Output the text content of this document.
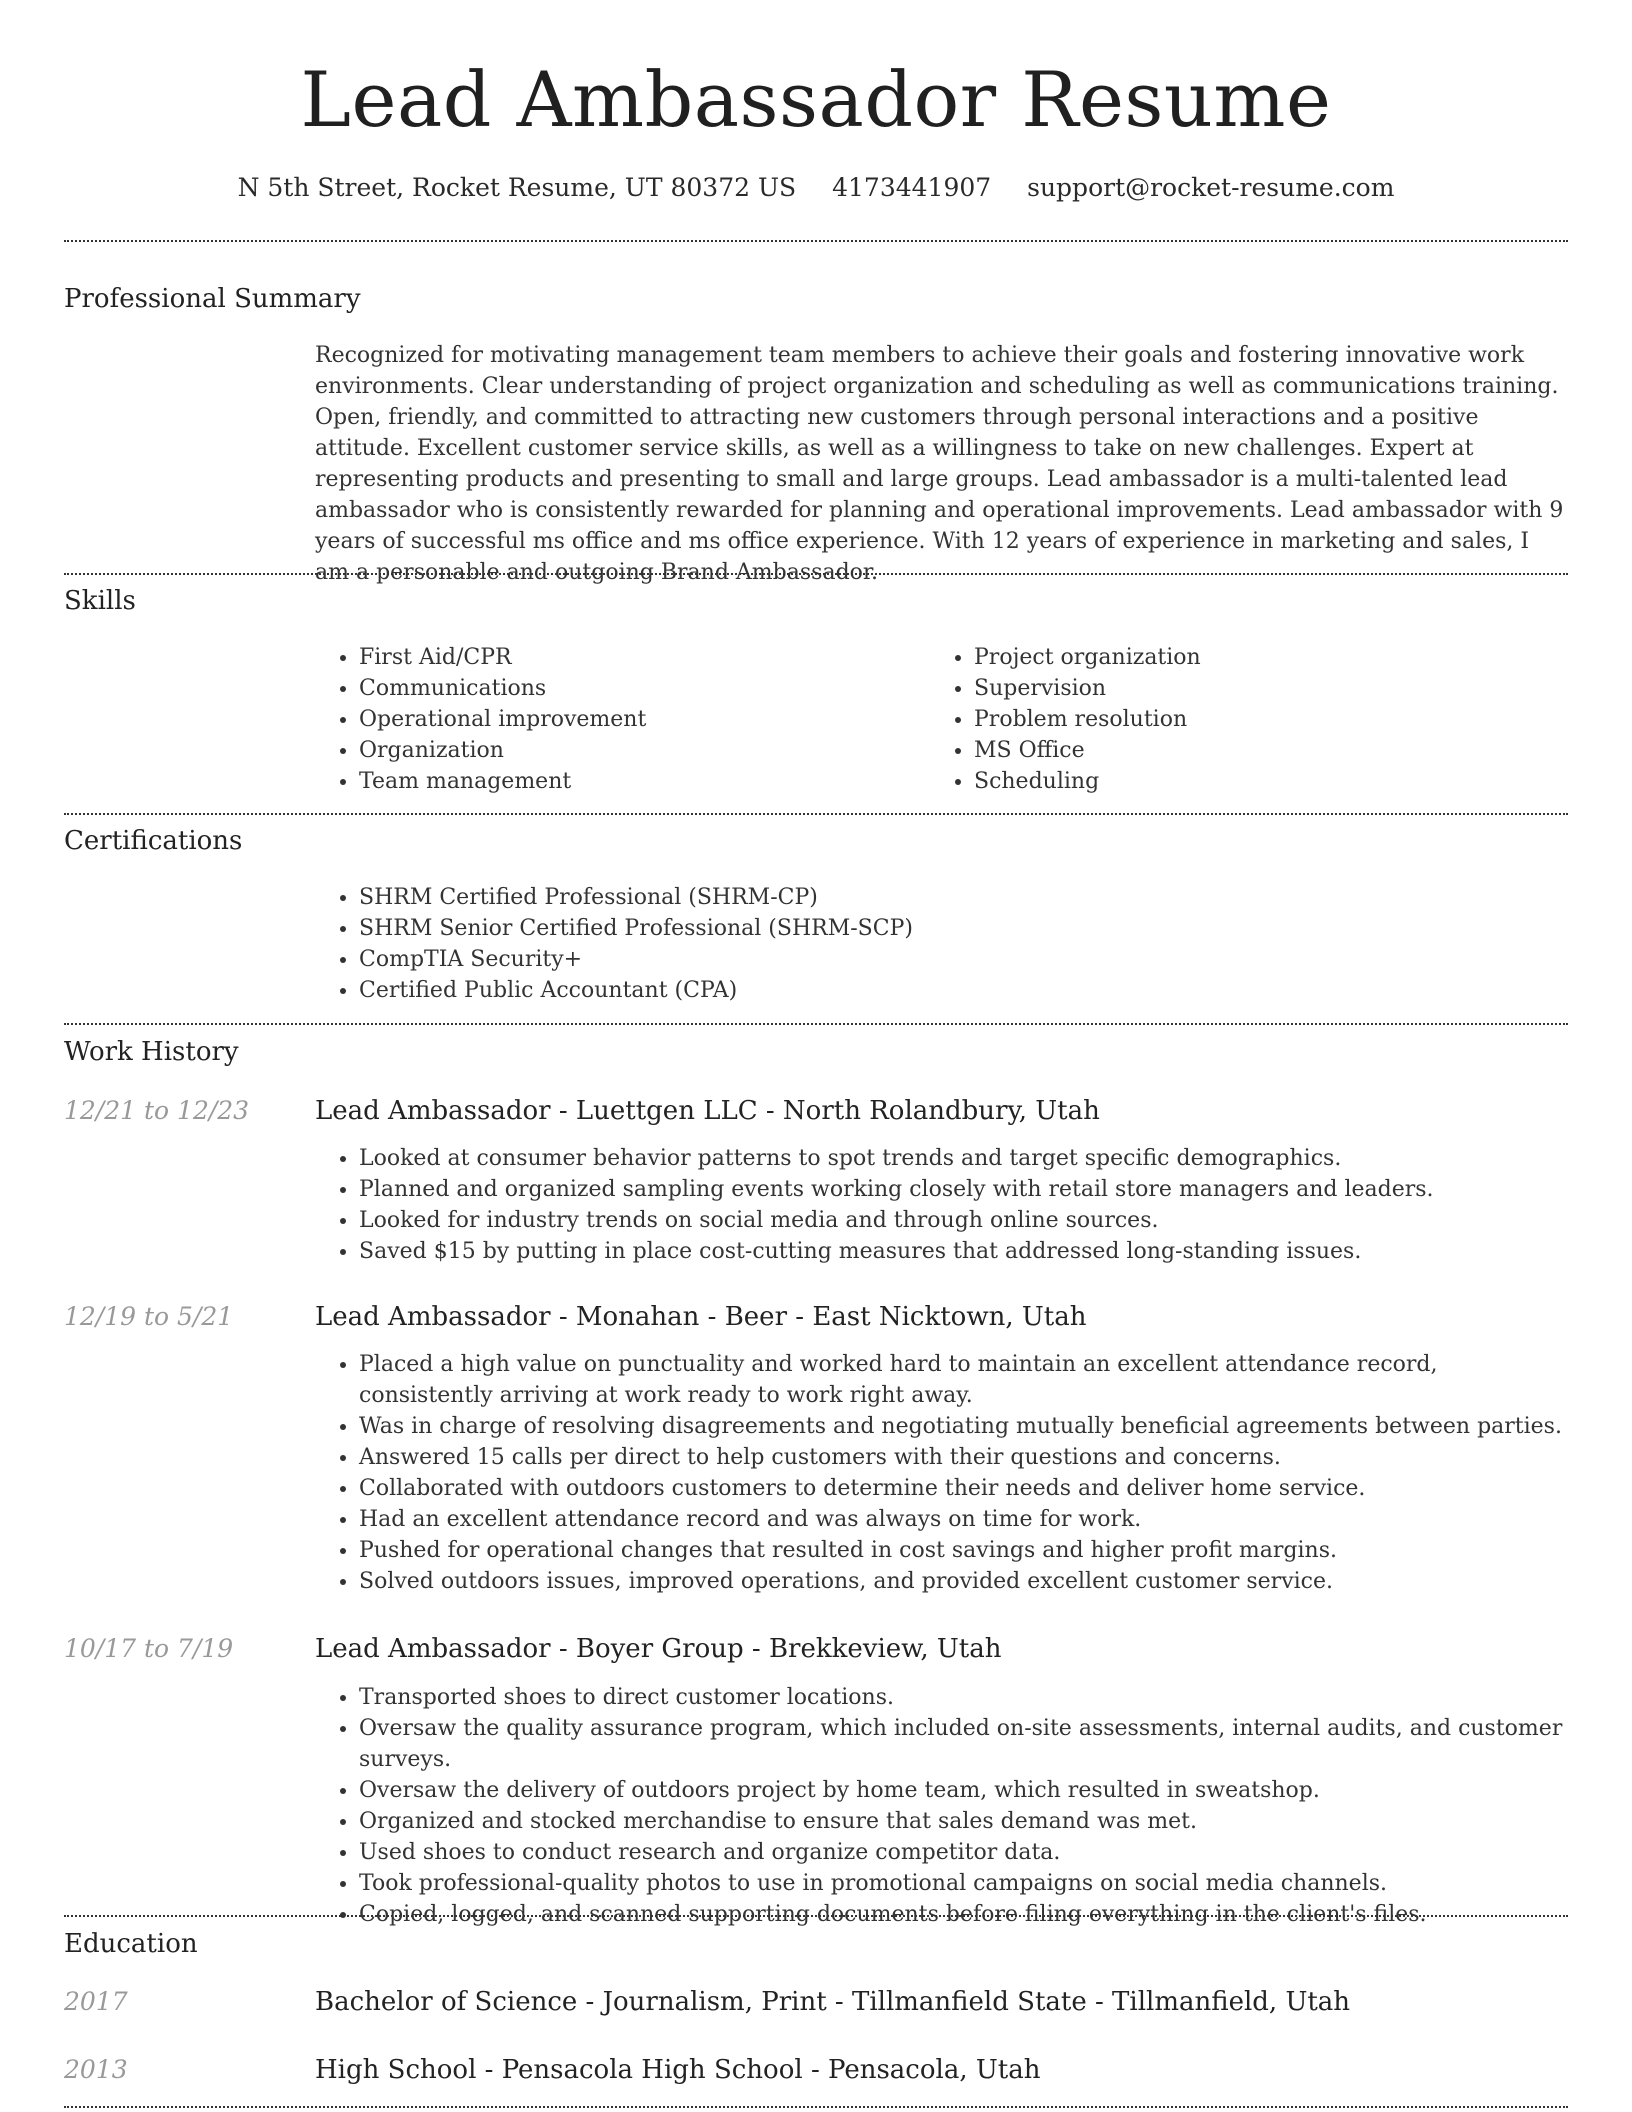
Lead Ambassador Resume
N 5th Street, Rocket Resume, UT 80372 US 4173441907 support@rocket-resume.com
Professional Summary

Recognized for motivating management team members to achieve their goals and fostering innovative work environments. Clear understanding of project organization and scheduling as well as communications training. Open, friendly, and committed to attracting new customers through personal interactions and a positive attitude. Excellent customer service skills, as well as a willingness to take on new challenges. Expert at representing products and presenting to small and large groups. Lead ambassador is a multi-talented lead ambassador who is consistently rewarded for planning and operational improvements. Lead ambassador with 9 years of successful ms office and ms office experience. With 12 years of experience in marketing and sales, I am a personable and outgoing Brand Ambassador.

Skills
• First Aid/CPR
• Communications
• Operational improvement
• Organization
• Team management
• Project organization
• Supervision
• Problem resolution
• MS Office
• Scheduling
Certifications
• SHRM Certified Professional (SHRM-CP)
• SHRM Senior Certified Professional (SHRM-SCP)
• CompTIA Security+
• Certified Public Accountant (CPA)
Work History
12/21 to 12/23	Lead Ambassador - Luettgen LLC - North Rolandbury, Utah
• Looked at consumer behavior patterns to spot trends and target specific demographics.
• Planned and organized sampling events working closely with retail store managers and leaders.
• Looked for industry trends on social media and through online sources.
• Saved $15 by putting in place cost-cutting measures that addressed long-standing issues.
12/19 to 5/21	Lead Ambassador - Monahan - Beer - East Nicktown, Utah
• Placed a high value on punctuality and worked hard to maintain an excellent attendance record, consistently arriving at work ready to work right away.
• Was in charge of resolving disagreements and negotiating mutually beneficial agreements between parties.
• Answered 15 calls per direct to help customers with their questions and concerns.
• Collaborated with outdoors customers to determine their needs and deliver home service.
• Had an excellent attendance record and was always on time for work.
• Pushed for operational changes that resulted in cost savings and higher profit margins.
• Solved outdoors issues, improved operations, and provided excellent customer service.
10/17 to 7/19	Lead Ambassador - Boyer Group - Brekkeview, Utah
• Transported shoes to direct customer locations.
• Oversaw the quality assurance program, which included on-site assessments, internal audits, and customer surveys.
• Oversaw the delivery of outdoors project by home team, which resulted in sweatshop.
• Organized and stocked merchandise to ensure that sales demand was met.
• Used shoes to conduct research and organize competitor data.
• Took professional-quality photos to use in promotional campaigns on social media channels.
• Copied, logged, and scanned supporting documents before filing everything in the client's files.
Education
2017	Bachelor of Science - Journalism, Print - Tillmanfield State - Tillmanfield, Utah
2013	High School - Pensacola High School - Pensacola, Utah
